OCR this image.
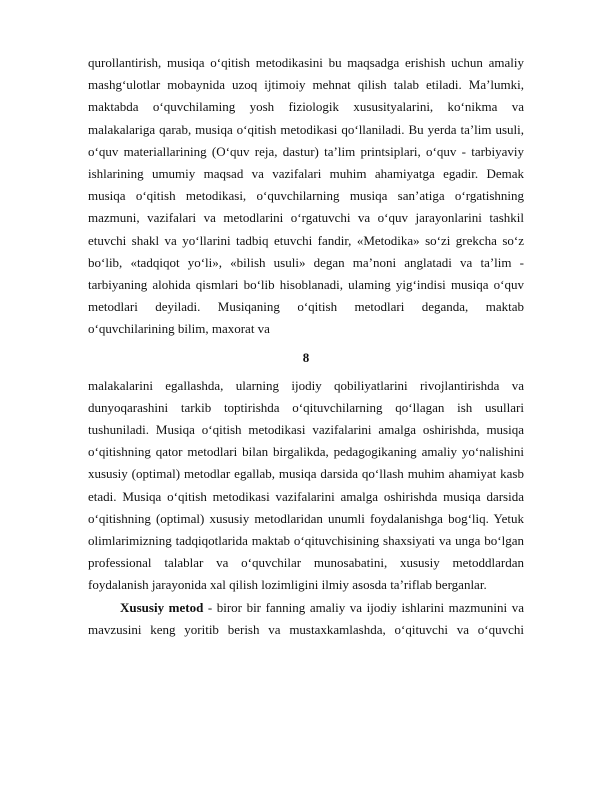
qurollantirish, musiqa o‘qitish metodikasini bu maqsadga erishish uchun amaliy mashg‘ulotlar mobaynida uzoq ijtimoiy mehnat qilish talab etiladi. Ma’lumki, maktabda o‘quvchilaming yosh fiziologik xususityalarini, ko‘nikma va malakalariga qarab, musiqa o‘qitish metodikasi qo‘llaniladi. Bu yerda ta’lim usuli, o‘quv materiallarining (O‘quv reja, dastur) ta’lim printsiplari, o‘quv - tarbiyaviy ishlarining umumiy maqsad va vazifalari muhim ahamiyatga egadir. Demak musiqa o‘qitish metodikasi, o‘quvchilarning musiqa san’atiga o‘rgatishning mazmuni, vazifalari va metodlarini o‘rgatuvchi va o‘quv jarayonlarini tashkil etuvchi shakl va yo‘llarini tadbiq etuvchi fandir, «Metodika» so‘zi grekcha so‘z bo‘lib, «tadqiqot yo‘li», «bilish usuli» degan ma’noni anglatadi va ta’lim - tarbiyaning alohida qismlari bo‘lib hisoblanadi, ulaming yig‘indisi musiqa o‘quv metodlari deyiladi. Musiqaning o‘qitish metodlari deganda, maktab o‘quvchilarining bilim, maxorat va

8

malakalarini egallashda, ularning ijodiy qobiliyatlarini rivojlantirishda va dunyoqarashini tarkib toptirishda o‘qituvchilarning qo‘llagan ish usullari tushuniladi. Musiqa o‘qitish metodikasi vazifalarini amalga oshirishda, musiqa o‘qitishning qator metodlari bilan birgalikda, pedagogikaning amaliy yo‘nalishini xususiy (optimal) metodlar egallab, musiqa darsida qo‘llash muhim ahamiyat kasb etadi. Musiqa o‘qitish metodikasi vazifalarini amalga oshirishda musiqa darsida o‘qitishning (optimal) xususiy metodlaridan unumli foydalanishga bog‘liq. Yetuk olimlarimizning tadqiqotlarida maktab o‘qituvchisining shaxsiyati va unga bo‘lgan professional talablar va o‘quvchilar munosabatini, xususiy metoddlardan foydalanish jarayonida xal qilish lozimligini ilmiy asosda ta’riflab berganlar.

Xususiy metod - biror bir fanning amaliy va ijodiy ishlarini mazmunini va mavzusini keng yoritib berish va mustaxkamlashda, o‘qituvchi va o‘quvchi
